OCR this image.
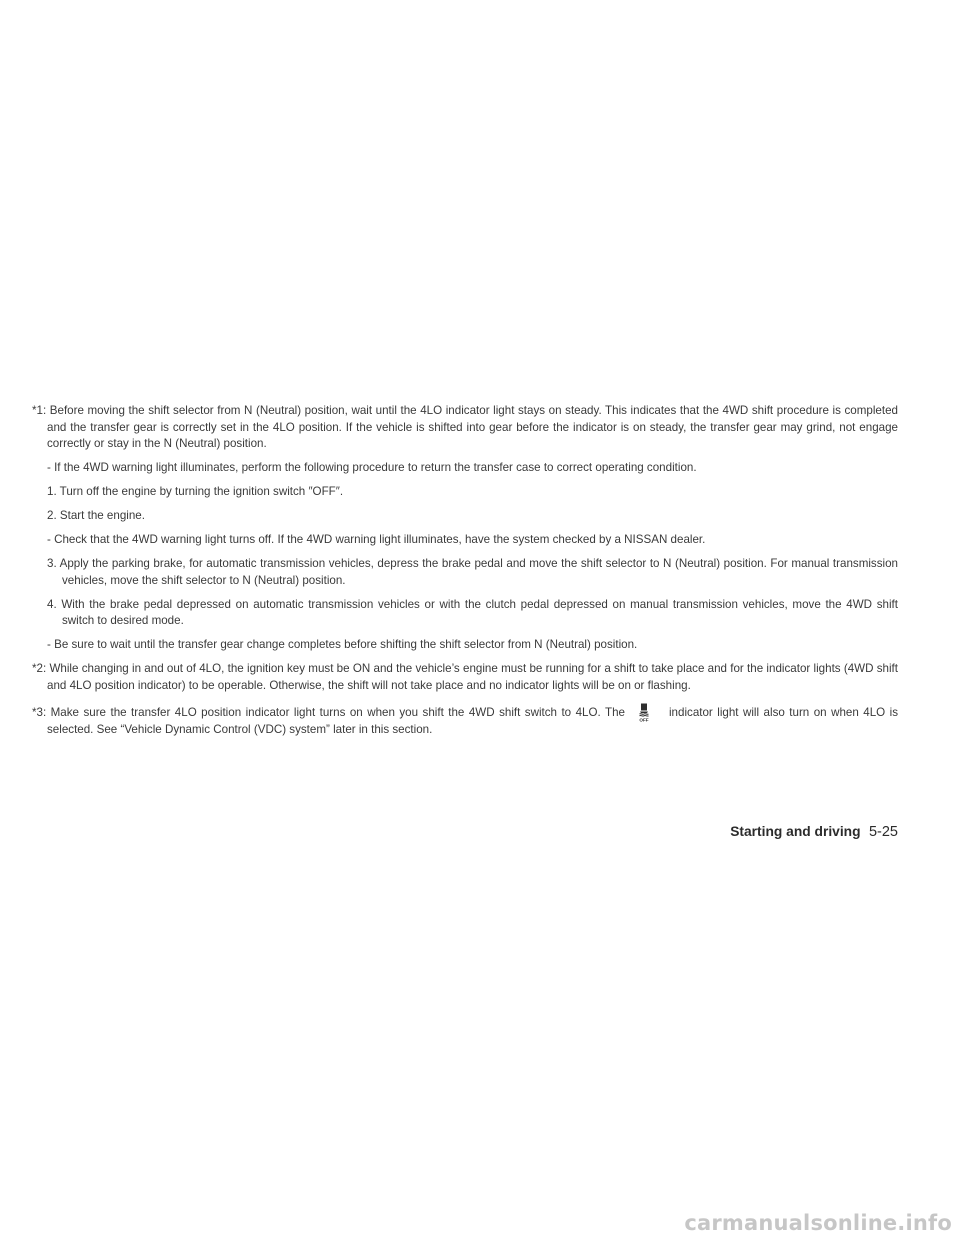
*1: Before moving the shift selector from N (Neutral) position, wait until the 4LO indicator light stays on steady. This indicates that the 4WD shift procedure is completed and the transfer gear is correctly set in the 4LO position. If the vehicle is shifted into gear before the indicator is on steady, the transfer gear may grind, not engage correctly or stay in the N (Neutral) position.

- If the 4WD warning light illuminates, perform the following procedure to return the transfer case to correct operating condition.

1. Turn off the engine by turning the ignition switch ″OFF″.

2. Start the engine.

- Check that the 4WD warning light turns off. If the 4WD warning light illuminates, have the system checked by a NISSAN dealer.

3. Apply the parking brake, for automatic transmission vehicles, depress the brake pedal and move the shift selector to N (Neutral) position. For manual transmission vehicles, move the shift selector to N (Neutral) position.

4. With the brake pedal depressed on automatic transmission vehicles or with the clutch pedal depressed on manual transmission vehicles, move the 4WD shift switch to desired mode.

- Be sure to wait until the transfer gear change completes before shifting the shift selector from N (Neutral) position.

*2: While changing in and out of 4LO, the ignition key must be ON and the vehicle’s engine must be running for a shift to take place and for the indicator lights (4WD shift and 4LO position indicator) to be operable. Otherwise, the shift will not take place and no indicator lights will be on or flashing.

*3: Make sure the transfer 4LO position indicator light turns on when you shift the 4WD shift switch to 4LO. The
OFF
indicator light will also turn on when 4LO is selected. See “Vehicle Dynamic Control (VDC) system” later in this section.

Starting and driving 5-25
carmanualsonline.info
